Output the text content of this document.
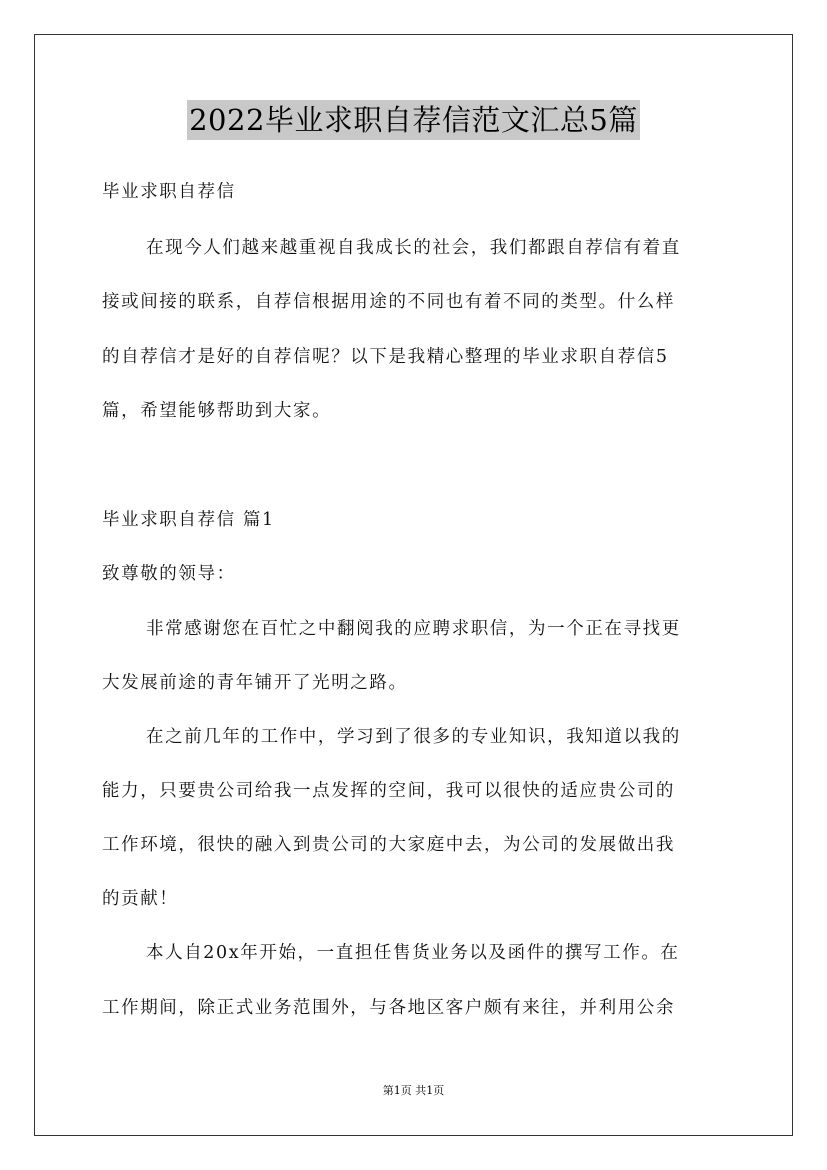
2022毕业求职自荐信范文汇总5篇
毕业求职自荐信
在现今人们越来越重视自我成长的社会，我们都跟自荐信有着直
接或间接的联系，自荐信根据用途的不同也有着不同的类型。什么样
的自荐信才是好的自荐信呢？以下是我精心整理的毕业求职自荐信5
篇，希望能够帮助到大家。
毕业求职自荐信 篇1
致尊敬的领导：
非常感谢您在百忙之中翻阅我的应聘求职信，为一个正在寻找更
大发展前途的青年铺开了光明之路。
在之前几年的工作中，学习到了很多的专业知识，我知道以我的
能力，只要贵公司给我一点发挥的空间，我可以很快的适应贵公司的
工作环境，很快的融入到贵公司的大家庭中去，为公司的发展做出我
的贡献！
本人自20x年开始，一直担任售货业务以及函件的撰写工作。在
工作期间，除正式业务范围外，与各地区客户颇有来往，并利用公余
第1页 共1页
